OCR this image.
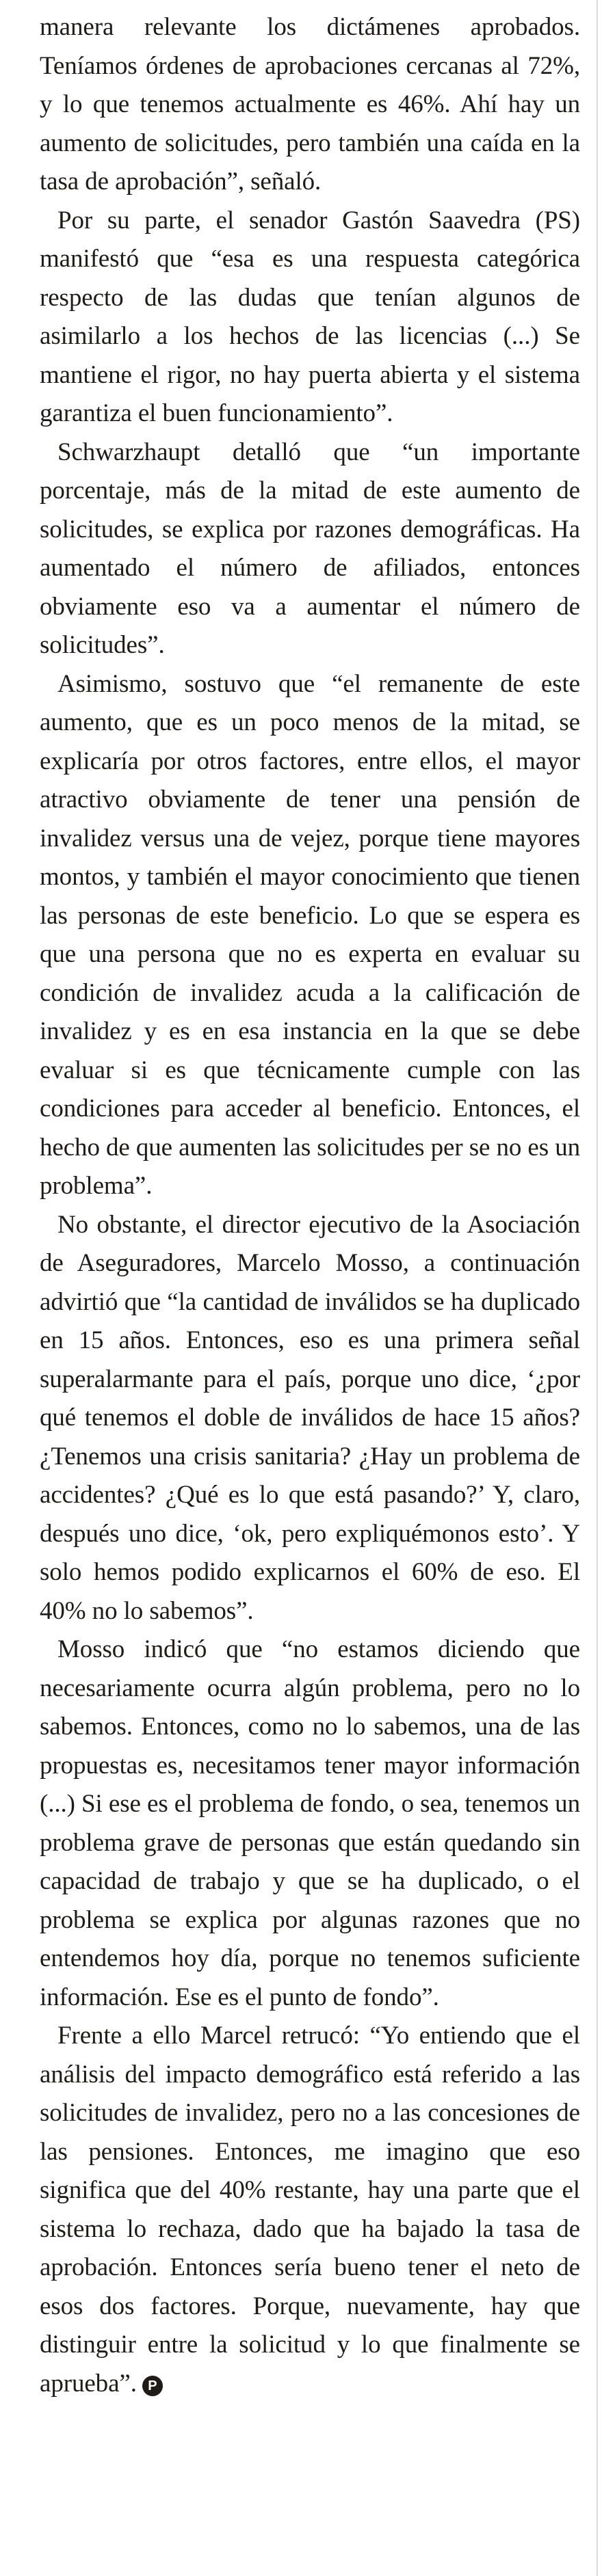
manera relevante los dictámenes aprobados. Teníamos órdenes de aprobaciones cercanas al 72%, y lo que tenemos actualmente es 46%. Ahí hay un aumento de solicitudes, pero también una caída en la tasa de aprobación”, señaló.

Por su parte, el senador Gastón Saavedra (PS) manifestó que “esa es una respuesta categórica respecto de las dudas que tenían algunos de asimilarlo a los hechos de las licencias (...) Se mantiene el rigor, no hay puerta abierta y el sistema garantiza el buen funcionamiento”.

Schwarzhaupt detalló que “un importante porcentaje, más de la mitad de este aumento de solicitudes, se explica por razones demográficas. Ha aumentado el número de afiliados, entonces obviamente eso va a aumentar el número de solicitudes”.

Asimismo, sostuvo que “el remanente de este aumento, que es un poco menos de la mitad, se explicaría por otros factores, entre ellos, el mayor atractivo obviamente de tener una pensión de invalidez versus una de vejez, porque tiene mayores montos, y también el mayor conocimiento que tienen las personas de este beneficio. Lo que se espera es que una persona que no es experta en evaluar su condición de invalidez acuda a la calificación de invalidez y es en esa instancia en la que se debe evaluar si es que técnicamente cumple con las condiciones para acceder al beneficio. Entonces, el hecho de que aumenten las solicitudes per se no es un problema”.

No obstante, el director ejecutivo de la Asociación de Aseguradores, Marcelo Mosso, a continuación advirtió que “la cantidad de inválidos se ha duplicado en 15 años. Entonces, eso es una primera señal superalarmante para el país, porque uno dice, ‘¿por qué tenemos el doble de inválidos de hace 15 años? ¿Tenemos una crisis sanitaria? ¿Hay un problema de accidentes? ¿Qué es lo que está pasando?’ Y, claro, después uno dice, ‘ok, pero expliquémonos esto’. Y solo hemos podido explicarnos el 60% de eso. El 40% no lo sabemos”.

Mosso indicó que “no estamos diciendo que necesariamente ocurra algún problema, pero no lo sabemos. Entonces, como no lo sabemos, una de las propuestas es, necesitamos tener mayor información (...) Si ese es el problema de fondo, o sea, tenemos un problema grave de personas que están quedando sin capacidad de trabajo y que se ha duplicado, o el problema se explica por algunas razones que no entendemos hoy día, porque no tenemos suficiente información. Ese es el punto de fondo”.

Frente a ello Marcel retrucó: “Yo entiendo que el análisis del impacto demográfico está referido a las solicitudes de invalidez, pero no a las concesiones de las pensiones. Entonces, me imagino que eso significa que del 40% restante, hay una parte que el sistema lo rechaza, dado que ha bajado la tasa de aprobación. Entonces sería bueno tener el neto de esos dos factores. Porque, nuevamente, hay que distinguir entre la solicitud y lo que finalmente se aprueba”. P
